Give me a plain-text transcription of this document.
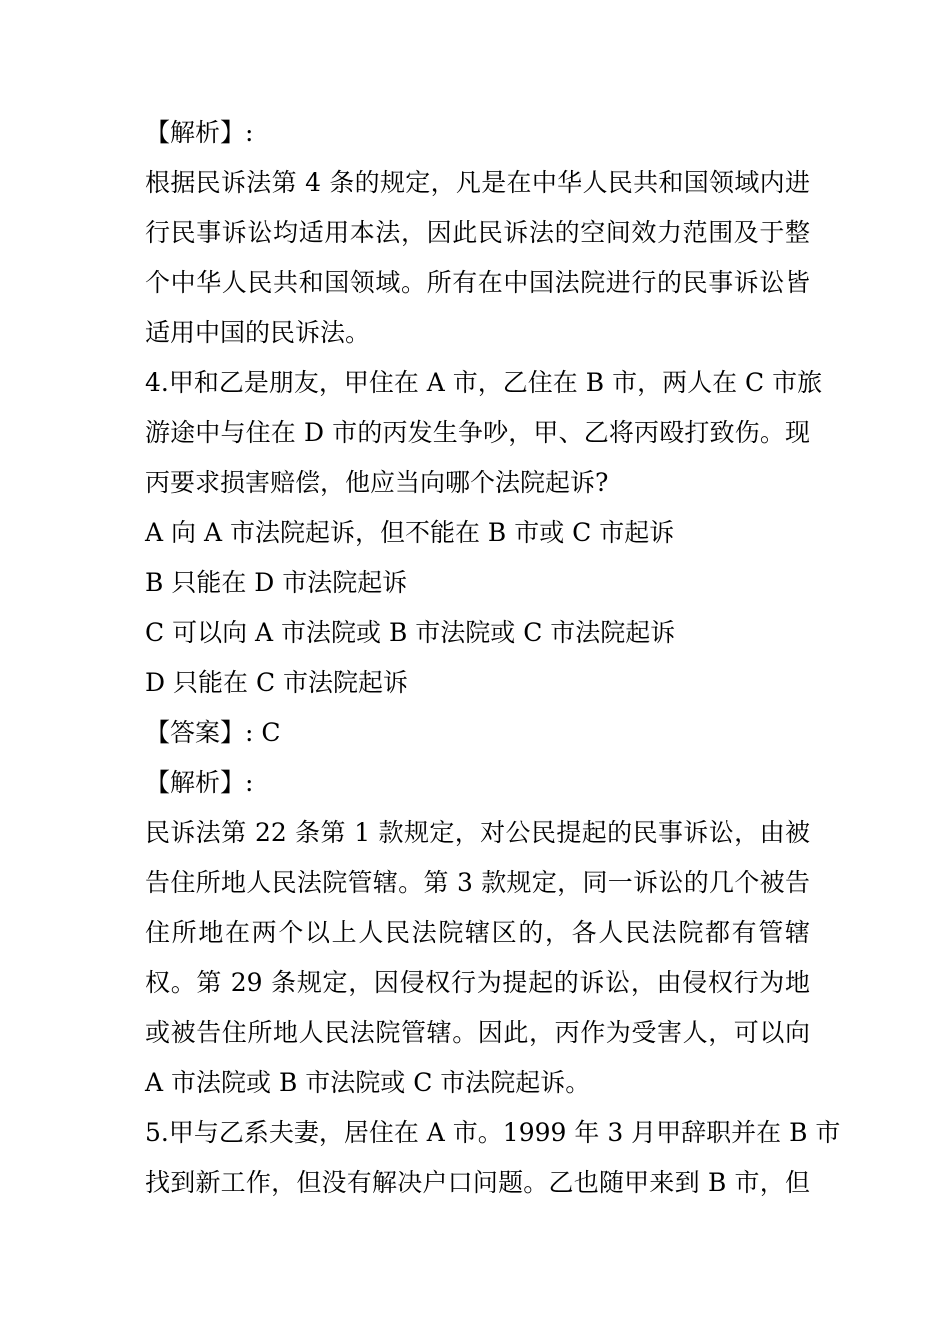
【解析】:
根据民诉法第 4 条的规定，凡是在中华人民共和国领域内进
行民事诉讼均适用本法，因此民诉法的空间效力范围及于整
个中华人民共和国领域。所有在中国法院进行的民事诉讼皆
适用中国的民诉法。
4.甲和乙是朋友，甲住在 A 市，乙住在 B 市，两人在 C 市旅
游途中与住在 D 市的丙发生争吵，甲、乙将丙殴打致伤。现
丙要求损害赔偿，他应当向哪个法院起诉?
A 向 A 市法院起诉，但不能在 B 市或 C 市起诉
B 只能在 D 市法院起诉
C 可以向 A 市法院或 B 市法院或 C 市法院起诉
D 只能在 C 市法院起诉
【答案】: C
【解析】:
民诉法第 22 条第 1 款规定，对公民提起的民事诉讼，由被
告住所地人民法院管辖。第 3 款规定，同一诉讼的几个被告
住所地在两个以上人民法院辖区的，各人民法院都有管辖
权。第 29 条规定，因侵权行为提起的诉讼，由侵权行为地
或被告住所地人民法院管辖。因此，丙作为受害人，可以向
A 市法院或 B 市法院或 C 市法院起诉。
5.甲与乙系夫妻，居住在 A 市。1999 年 3 月甲辞职并在 B 市
找到新工作，但没有解决户口问题。乙也随甲来到 B 市，但
